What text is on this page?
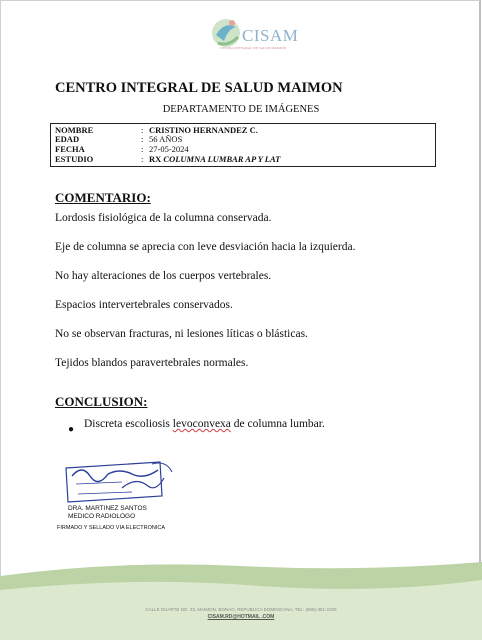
CISAM
CENTRO INTEGRAL DE SALUD MAIMON
CENTRO INTEGRAL DE SALUD MAIMON
DEPARTAMENTO DE IMÁGENES
NOMBRE	: CRISTINO HERNANDEZ C.
EDAD	: 56 AÑOS
FECHA	: 27-05-2024
ESTUDIO	: RX COLUMNA LUMBAR AP Y LAT
COMENTARIO:
Lordosis fisiológica de la columna conservada.
Eje de columna se aprecia con leve desviación hacia la izquierda.
No hay alteraciones de los cuerpos vertebrales.
Espacios intervertebrales conservados.
No se observan fracturas, ni lesiones líticas o blásticas.
Tejidos blandos paravertebrales normales.
CONCLUSION:
● Discreta escoliosis levoconvexa de columna lumbar.
DRA. MARTINEZ SANTOS
MEDICO RADIOLOGO
FIRMADO Y SELLADO VIA ELECTRONICA
CALLE DUARTE NO. 33, MAIMÓN, BONAO, REPUBLICA DOMINICANA, TEL: (809)-351-2100
CISAM.RD@HOTMAIL .COM
